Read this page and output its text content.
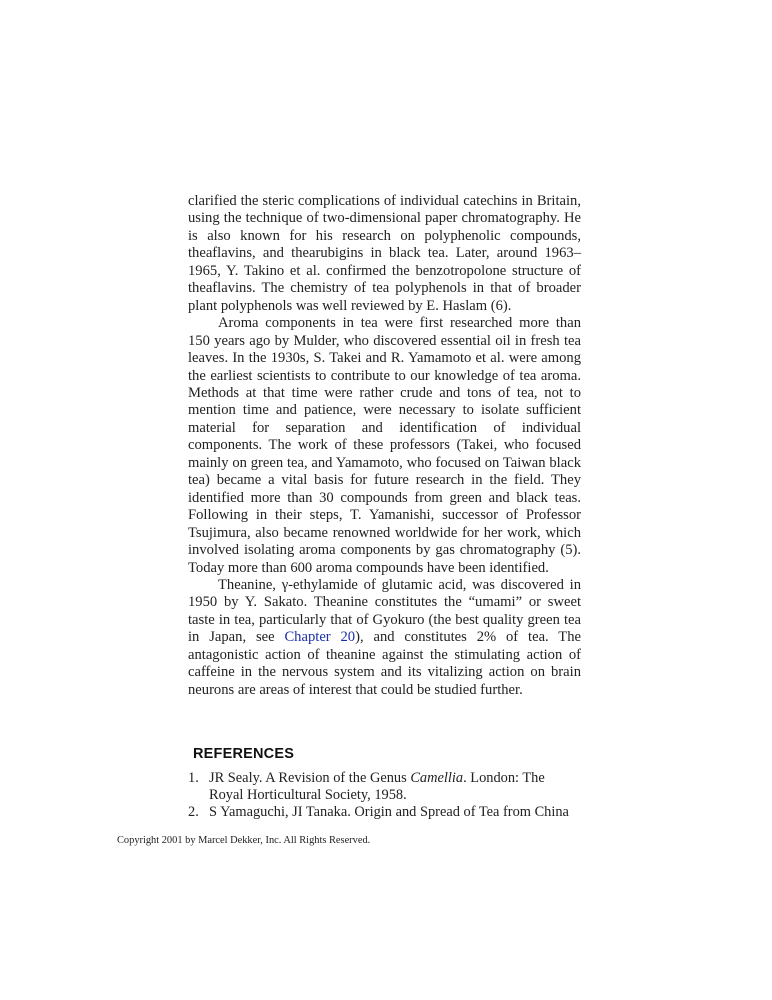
clarified the steric complications of individual catechins in Britain, using the technique of two-dimensional paper chromatography. He is also known for his research on polyphenolic compounds, theaflavins, and thearubigins in black tea. Later, around 1963–1965, Y. Takino et al. confirmed the benzotropolone structure of theaflavins. The chemistry of tea polyphenols in that of broader plant polyphenols was well reviewed by E. Haslam (6).

Aroma components in tea were first researched more than 150 years ago by Mulder, who discovered essential oil in fresh tea leaves. In the 1930s, S. Takei and R. Yamamoto et al. were among the earliest scientists to contribute to our knowledge of tea aroma. Methods at that time were rather crude and tons of tea, not to mention time and patience, were necessary to isolate sufficient material for separation and identification of individual components. The work of these professors (Takei, who focused mainly on green tea, and Yamamoto, who focused on Taiwan black tea) became a vital basis for future research in the field. They identified more than 30 compounds from green and black teas. Following in their steps, T. Yamanishi, successor of Professor Tsujimura, also became renowned worldwide for her work, which involved isolating aroma components by gas chromatography (5). Today more than 600 aroma compounds have been identified.

Theanine, γ-ethylamide of glutamic acid, was discovered in 1950 by Y. Sakato. Theanine constitutes the “umami” or sweet taste in tea, particularly that of Gyokuro (the best quality green tea in Japan, see Chapter 20), and constitutes 2% of tea. The antagonistic action of theanine against the stimulating action of caffeine in the nervous system and its vitalizing action on brain neurons are areas of interest that could be studied further.

REFERENCES
1. JR Sealy. A Revision of the Genus Camellia. London: The Royal Horticultural Society, 1958.
2. S Yamaguchi, JI Tanaka. Origin and Spread of Tea from China
Copyright 2001 by Marcel Dekker, Inc. All Rights Reserved.
